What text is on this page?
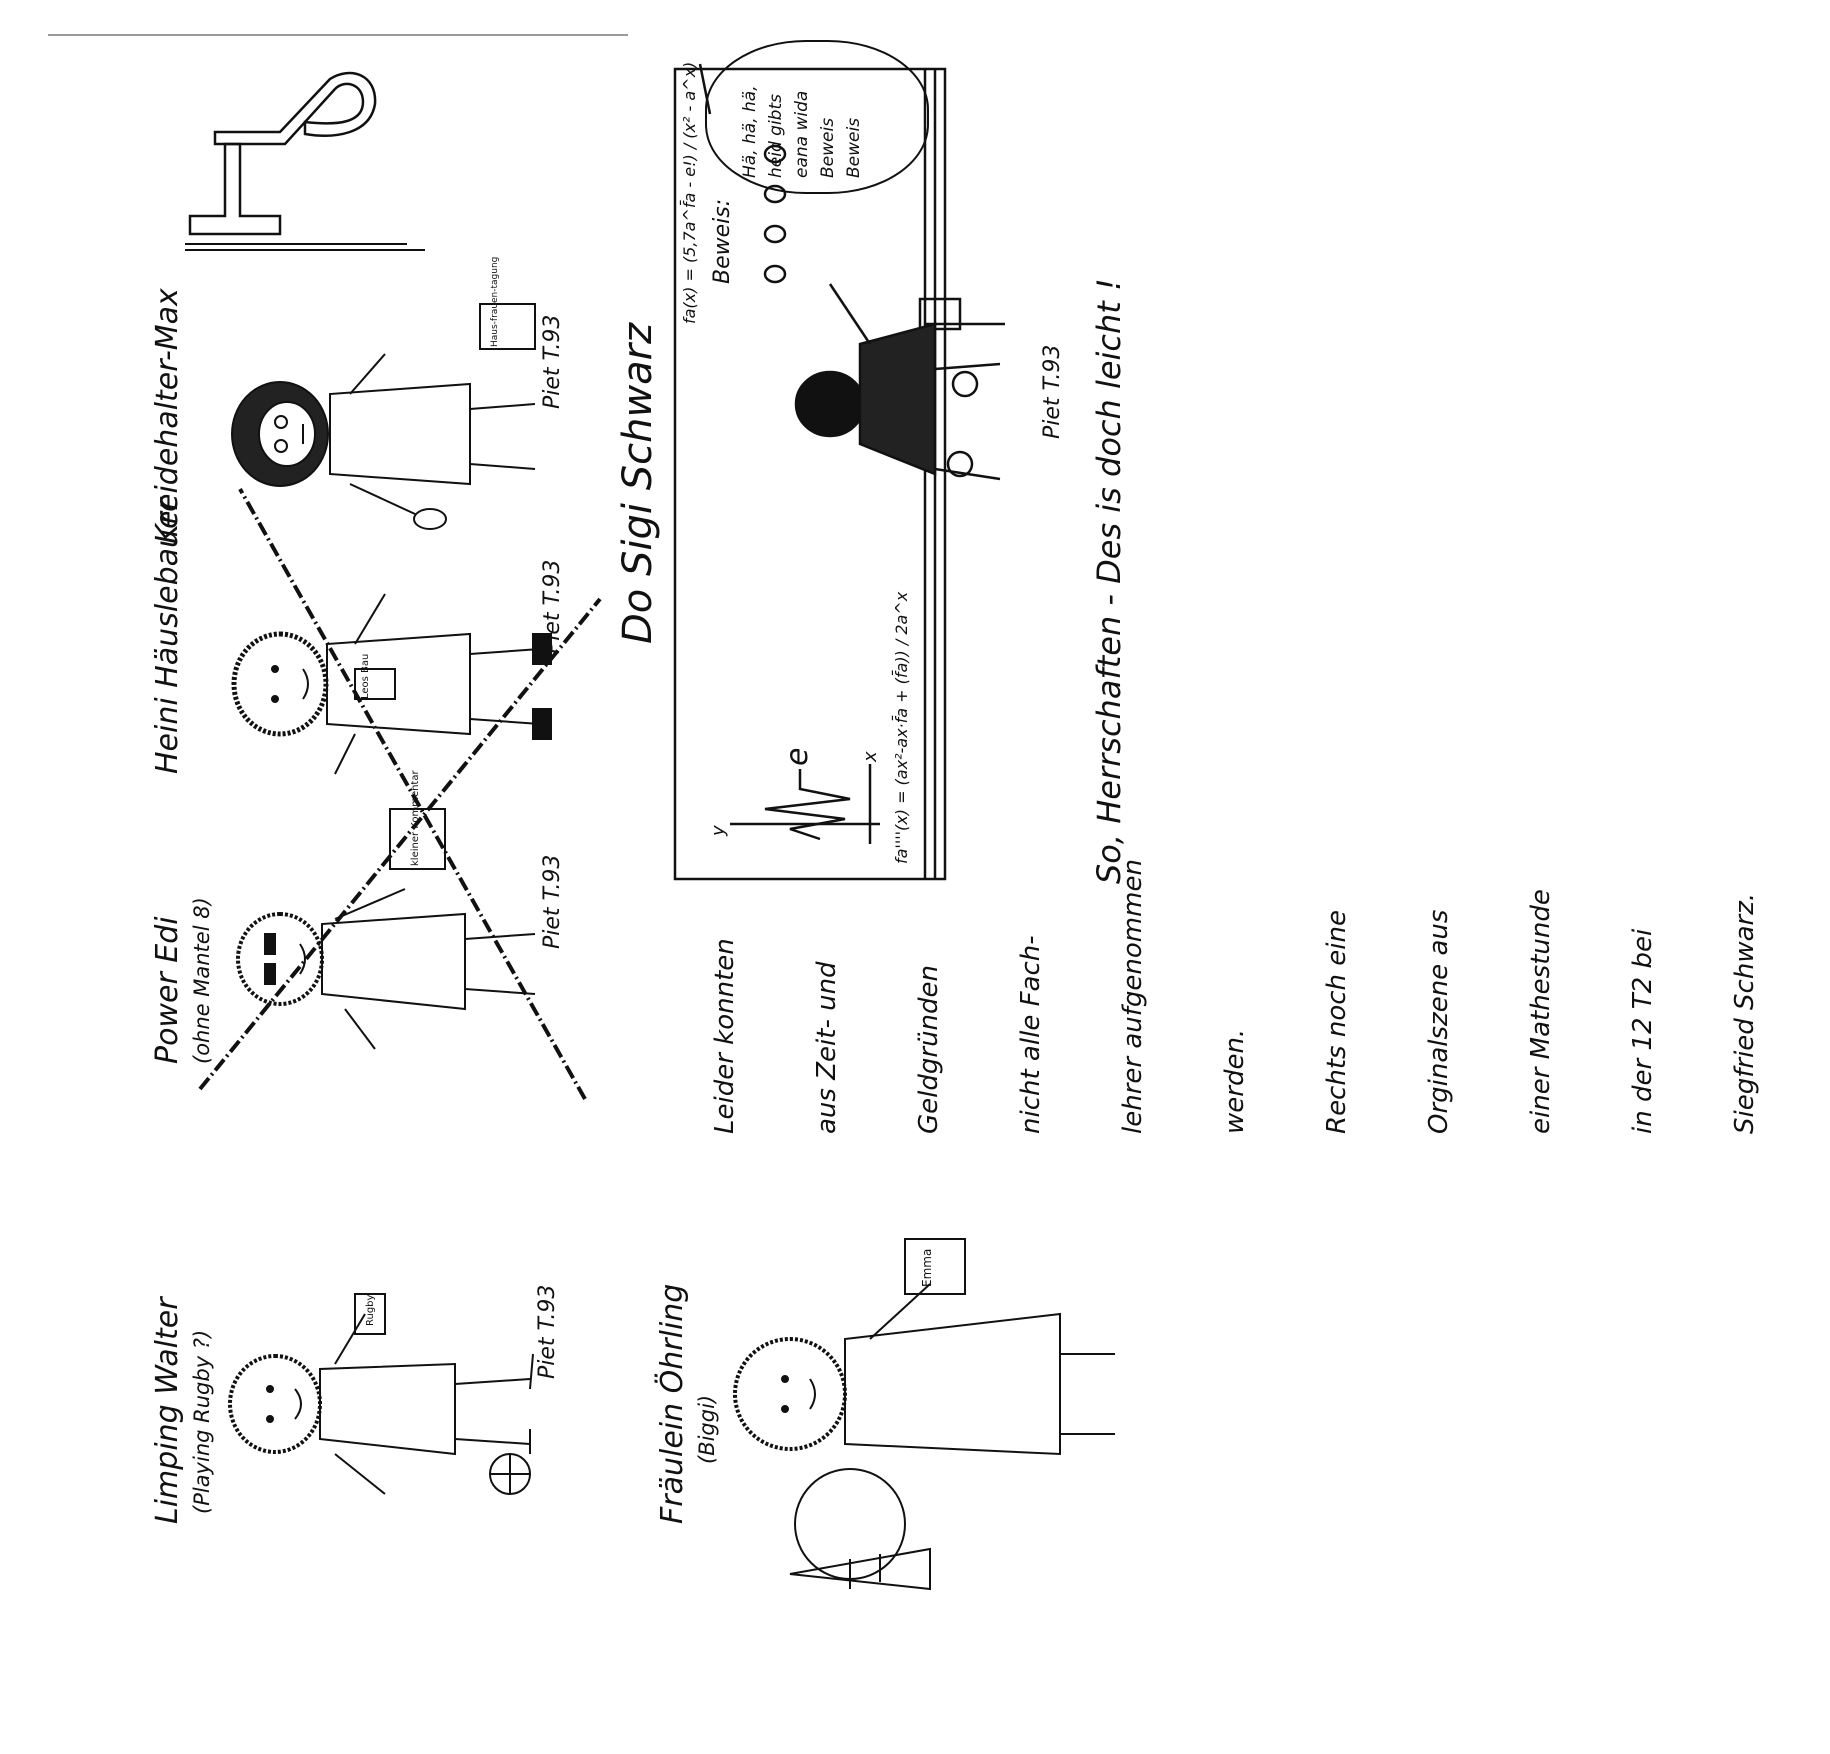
Limping Walter (Playing Rugby ?)
Power Edi (ohne Mantel 8)
Heini Häuslebauer
Kreidehalter-Max
Rugby	Piet T.93
kleiner Kommentar
Piet T.93
Leos Bau
Piet T.93
Haus-frauen-tagung
Piet T.93
Fräulein Öhrling (Biggi)
Emma

Leider konnten

	aus Zeit- und

	Geldgründen

	nicht alle Fach-

	lehrer aufgenommen

	werden.

	Rechts noch eine

	Orginalszene aus

	einer Mathestunde

	in der 12 T2 bei

	Siegfried Schwarz.

y
x
e	fa''''(x) = (ax²-ax·f̄a + (f̄a)) / 2a^x
fa(x) = (5,7a^f̄a - e!) / (x² - a^x) Beweis:
Do Sigi Schwarz
Hä, hä, hä, heid gibts eana wida Beweis Beweis
Piet T.93 So, Herrschaften - Des is doch leicht !
